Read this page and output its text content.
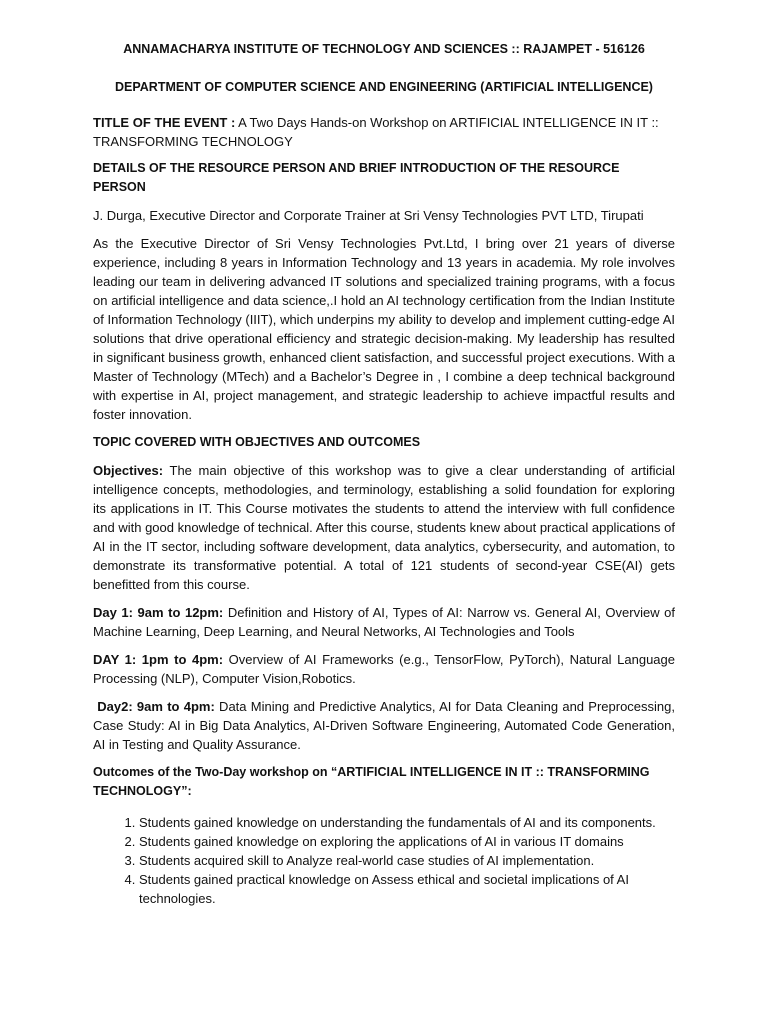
ANNAMACHARYA INSTITUTE OF TECHNOLOGY AND SCIENCES :: RAJAMPET - 516126
DEPARTMENT OF COMPUTER SCIENCE AND ENGINEERING (ARTIFICIAL INTELLIGENCE)

TITLE OF THE EVENT : A Two Days Hands-on Workshop on ARTIFICIAL INTELLIGENCE IN IT :: TRANSFORMING TECHNOLOGY

DETAILS OF THE RESOURCE PERSON AND BRIEF INTRODUCTION OF THE RESOURCE PERSON

J. Durga, Executive Director and Corporate Trainer at Sri Vensy Technologies PVT LTD, Tirupati

As the Executive Director of Sri Vensy Technologies Pvt.Ltd, I bring over 21 years of diverse experience, including 8 years in Information Technology and 13 years in academia. My role involves leading our team in delivering advanced IT solutions and specialized training programs, with a focus on artificial intelligence and data science,.I hold an AI technology certification from the Indian Institute of Information Technology (IIIT), which underpins my ability to develop and implement cutting-edge AI solutions that drive operational efficiency and strategic decision-making. My leadership has resulted in significant business growth, enhanced client satisfaction, and successful project executions. With a Master of Technology (MTech) and a Bachelor’s Degree in , I combine a deep technical background with expertise in AI, project management, and strategic leadership to achieve impactful results and foster innovation.

TOPIC COVERED WITH OBJECTIVES AND OUTCOMES

Objectives: The main objective of this workshop was to give a clear understanding of artificial intelligence concepts, methodologies, and terminology, establishing a solid foundation for exploring its applications in IT. This Course motivates the students to attend the interview with full confidence and with good knowledge of technical. After this course, students knew about practical applications of AI in the IT sector, including software development, data analytics, cybersecurity, and automation, to demonstrate its transformative potential. A total of 121 students of second-year CSE(AI) gets benefitted from this course.

Day 1: 9am to 12pm: Definition and History of AI, Types of AI: Narrow vs. General AI, Overview of Machine Learning, Deep Learning, and Neural Networks, AI Technologies and Tools

DAY 1: 1pm to 4pm: Overview of AI Frameworks (e.g., TensorFlow, PyTorch), Natural Language Processing (NLP), Computer Vision,Robotics.

Day2: 9am to 4pm: Data Mining and Predictive Analytics, AI for Data Cleaning and Preprocessing, Case Study: AI in Big Data Analytics, AI-Driven Software Engineering, Automated Code Generation, AI in Testing and Quality Assurance.

Outcomes of the Two-Day workshop on “ARTIFICIAL INTELLIGENCE IN IT :: TRANSFORMING TECHNOLOGY”:
1. Students gained knowledge on understanding the fundamentals of AI and its components.
2. Students gained knowledge on exploring the applications of AI in various IT domains
3. Students acquired skill to Analyze real-world case studies of AI implementation.
4. Students gained practical knowledge on Assess ethical and societal implications of AI technologies.
